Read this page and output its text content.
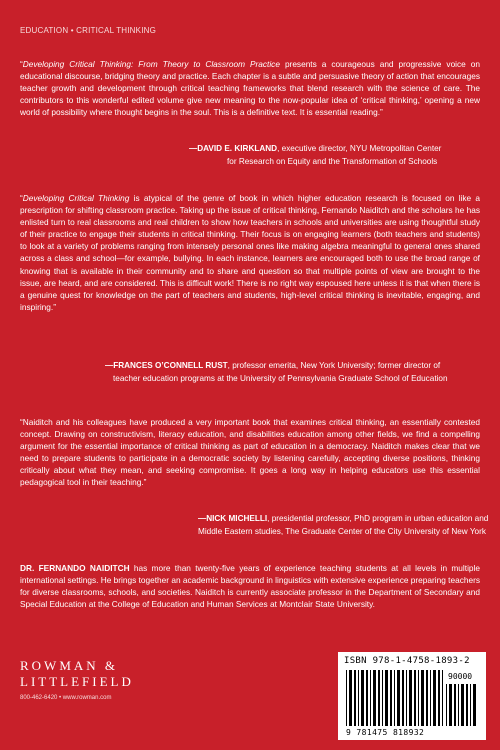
EDUCATION • CRITICAL THINKING
“Developing Critical Thinking: From Theory to Classroom Practice presents a courageous and progressive voice on educational discourse, bridging theory and practice. Each chapter is a subtle and persuasive theory of action that encourages teacher growth and development through critical teaching frameworks that blend research with the science of care. The contributors to this wonderful edited volume give new meaning to the now-popular idea of ‘critical thinking,’ opening a new world of possibility where thought begins in the soul. This is a definitive text. It is essential reading.”
—DAVID E. KIRKLAND, executive director, NYU Metropolitan Center
for Research on Equity and the Transformation of Schools
“Developing Critical Thinking is atypical of the genre of book in which higher education research is focused on like a prescription for shifting classroom practice. Taking up the issue of critical thinking, Fernando Naiditch and the scholars he has enlisted turn to real classrooms and real children to show how teachers in schools and universities are using thoughtful study of their practice to engage their students in critical thinking. Their focus is on engaging learners (both teachers and students) to look at a variety of problems ranging from intensely personal ones like making algebra meaningful to general ones shared across a class and school—for example, bullying. In each instance, learners are encouraged both to use the broad range of knowing that is available in their community and to share and question so that multiple points of view are brought to the issue, are heard, and are considered. This is difficult work! There is no right way espoused here unless it is that when there is a genuine quest for knowledge on the part of teachers and students, high-level critical thinking is inevitable, engaging, and inspiring.”
—FRANCES O’CONNELL RUST, professor emerita, New York University; former director of
teacher education programs at the University of Pennsylvania Graduate School of Education
“Naiditch and his colleagues have produced a very important book that examines critical thinking, an essentially contested concept. Drawing on constructivism, literacy education, and disabilities education among other fields, we find a compelling argument for the essential importance of critical thinking as part of education in a democracy. Naiditch makes clear that we need to prepare students to participate in a democratic society by listening carefully, accepting diverse positions, thinking critically about what they mean, and seeking compromise. It goes a long way in helping educators use this essential pedagogical tool in their teaching.”
—NICK MICHELLI, presidential professor, PhD program in urban education and
Middle Eastern studies, The Graduate Center of the City University of New York
DR. FERNANDO NAIDITCH has more than twenty-five years of experience teaching students at all levels in multiple international settings. He brings together an academic background in linguistics with extensive experience preparing teachers for diverse classrooms, schools, and societies. Naiditch is currently associate professor in the Department of Secondary and Special Education at the College of Education and Human Services at Montclair State University.
ROWMAN &
LITTLEFIELD
800-462-6420 • www.rowman.com
ISBN 978-1-4758-1893-2
90000
9 781475 818932
